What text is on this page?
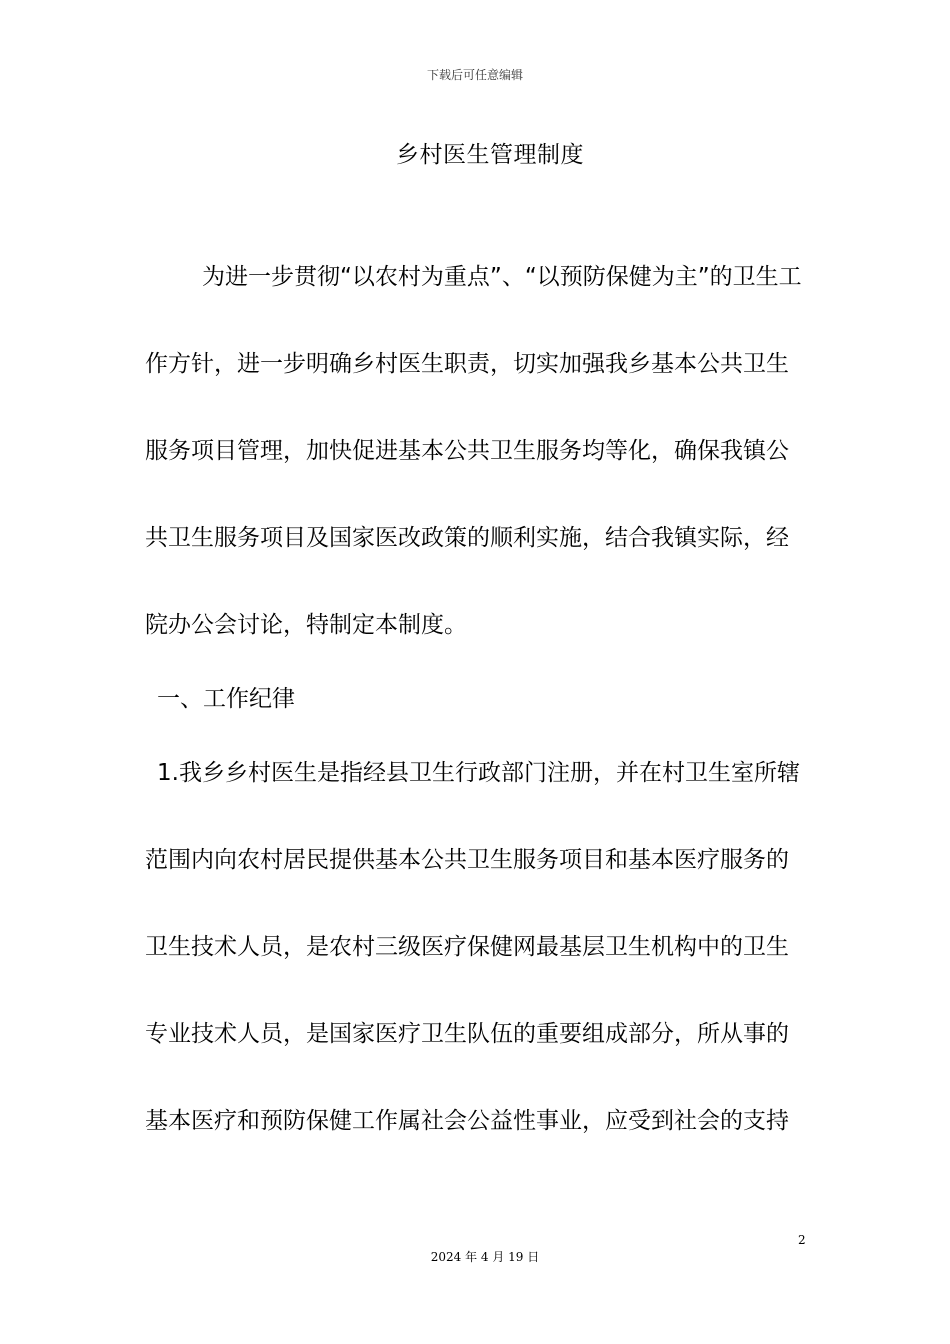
下载后可任意编辑
乡村医生管理制度
为进一步贯彻“以农村为重点”、“以预防保健为主”的卫生工
作方针，进一步明确乡村医生职责，切实加强我乡基本公共卫生
服务项目管理，加快促进基本公共卫生服务均等化，确保我镇公
共卫生服务项目及国家医改政策的顺利实施，结合我镇实际，经
院办公会讨论，特制定本制度。
一、工作纪律
1.我乡乡村医生是指经县卫生行政部门注册，并在村卫生室所辖
范围内向农村居民提供基本公共卫生服务项目和基本医疗服务的
卫生技术人员，是农村三级医疗保健网最基层卫生机构中的卫生
专业技术人员，是国家医疗卫生队伍的重要组成部分，所从事的
基本医疗和预防保健工作属社会公益性事业，应受到社会的支持
2
2024 年 4 月 19 日
